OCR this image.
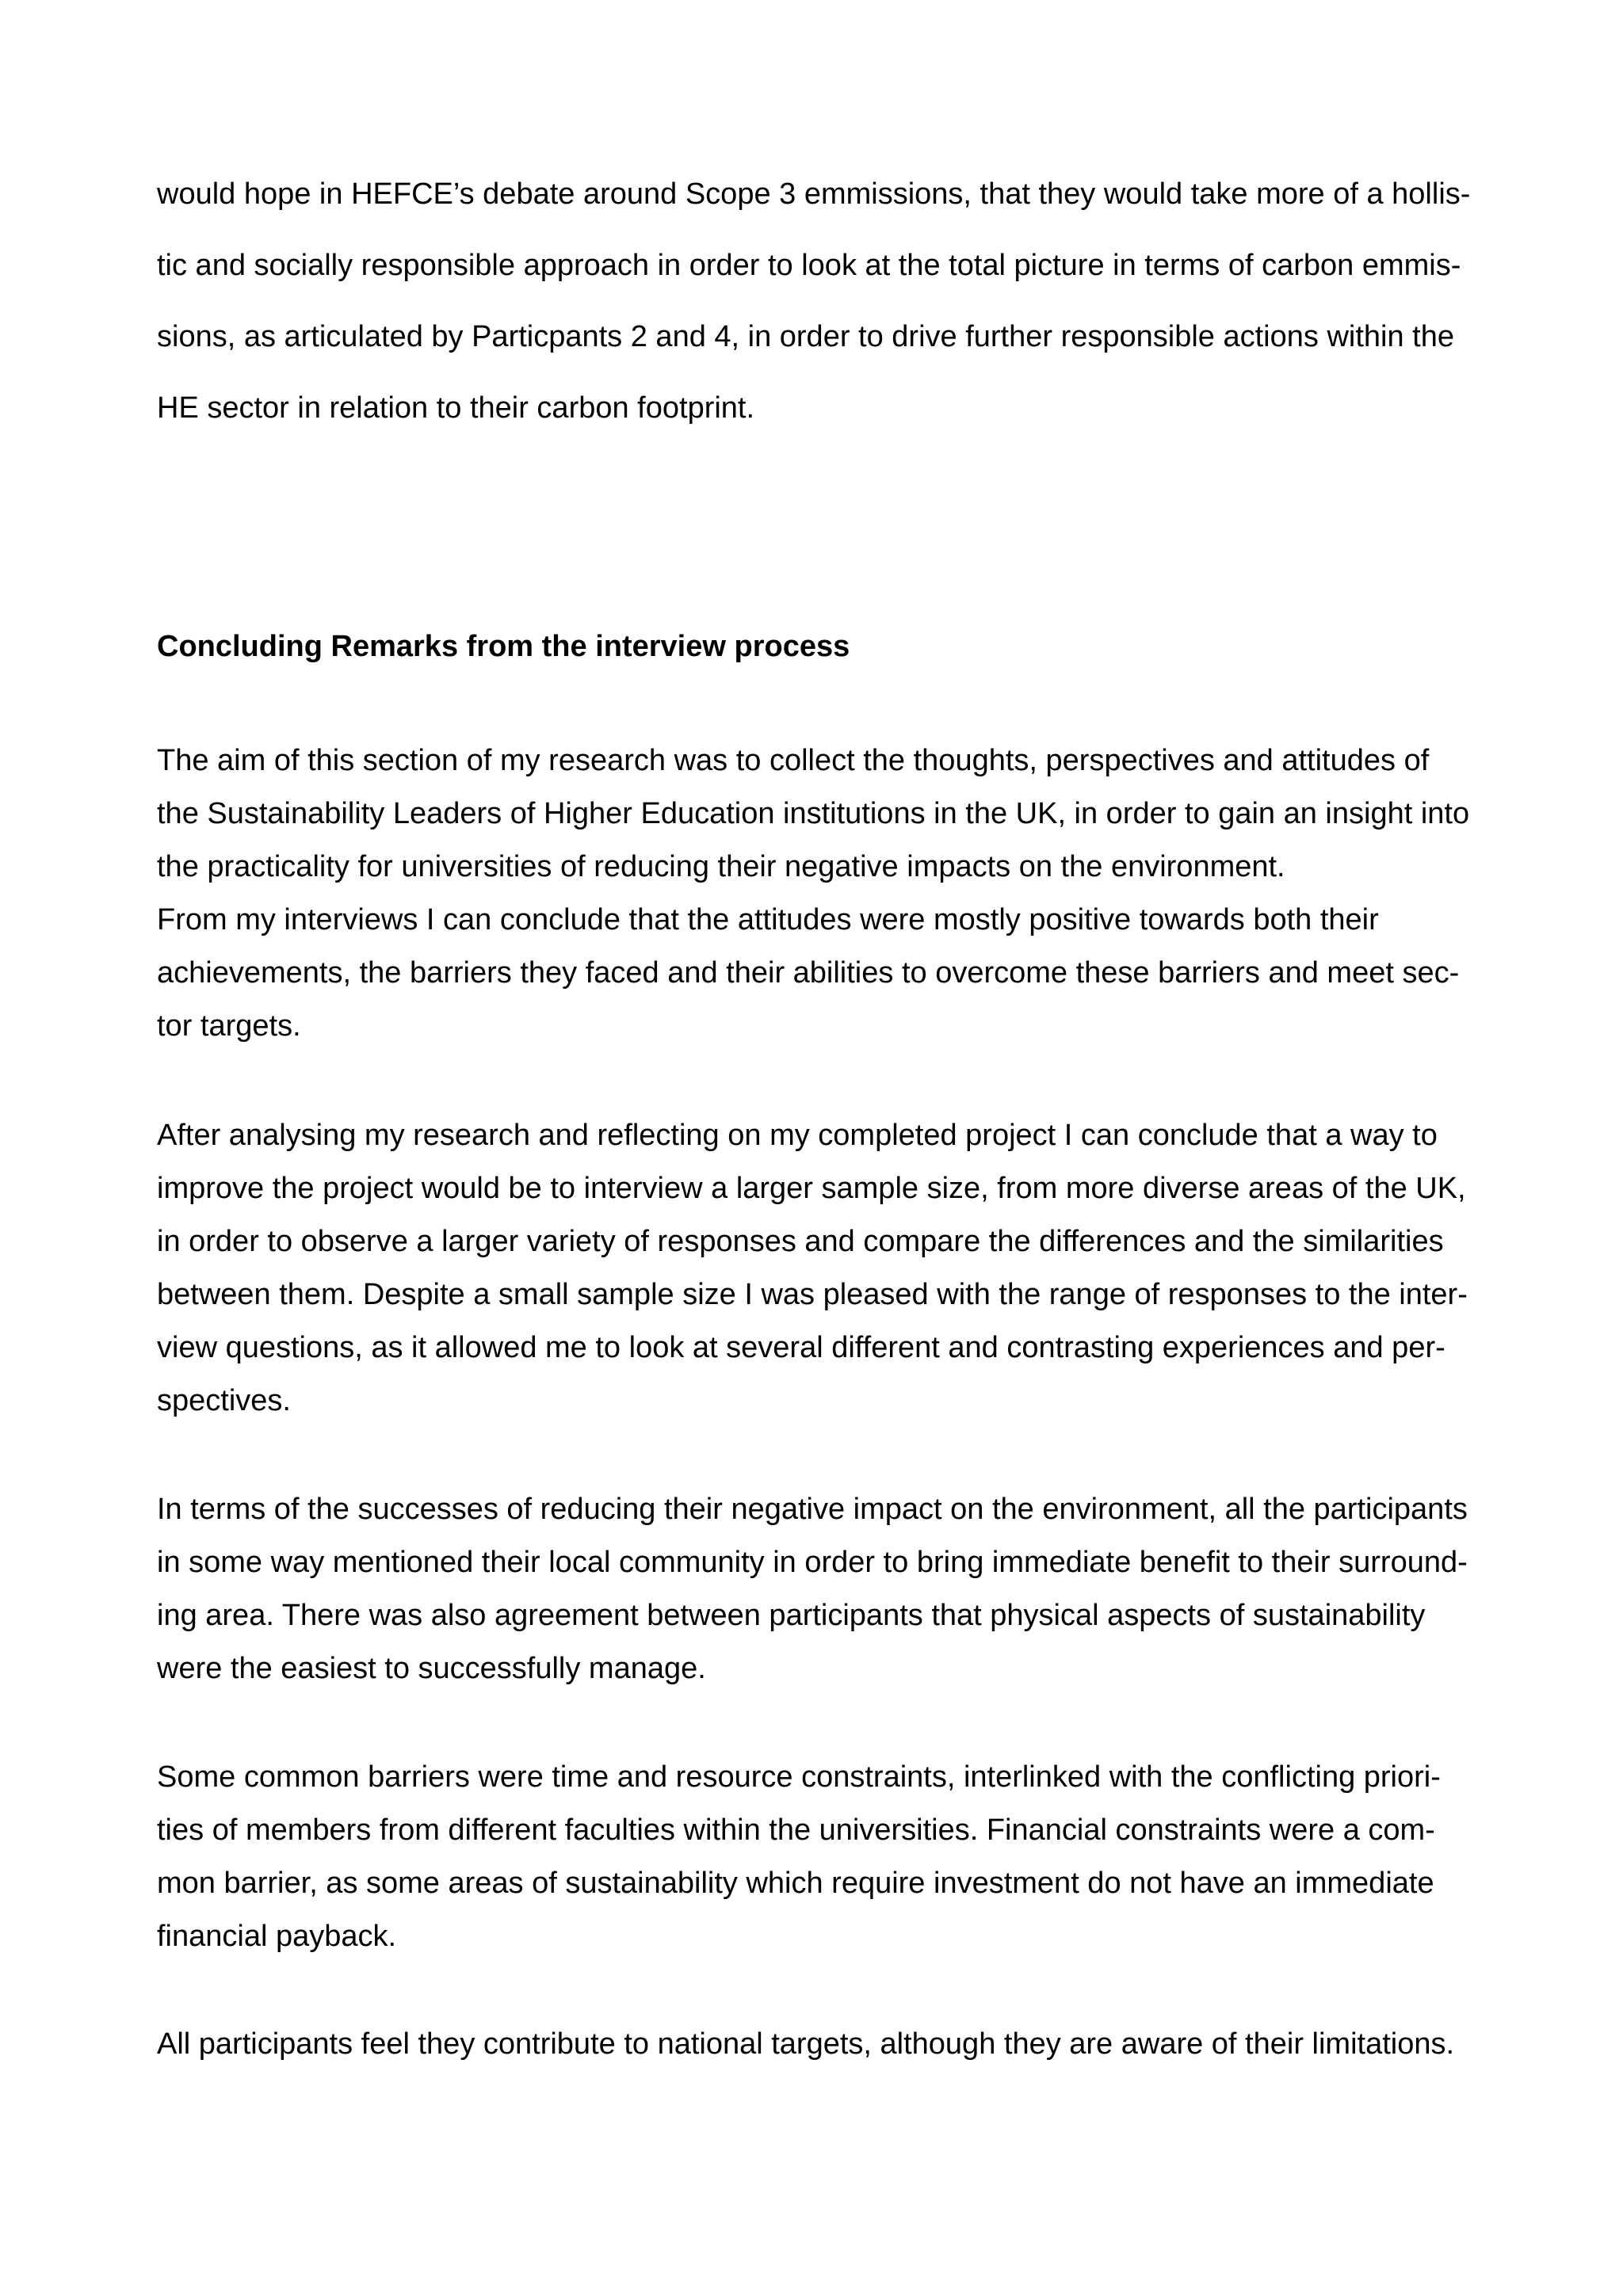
would hope in HEFCE’s debate around Scope 3 emmissions, that they would take more of a hollis-
tic and socially responsible approach in order to look at the total picture in terms of carbon emmis-
sions, as articulated by Particpants 2 and 4, in order to drive further responsible actions within the
HE sector in relation to their carbon footprint.

Concluding Remarks from the interview process

The aim of this section of my research was to collect the thoughts, perspectives and attitudes of
the Sustainability Leaders of Higher Education institutions in the UK, in order to gain an insight into
the practicality for universities of reducing their negative impacts on the environment.
From my interviews I can conclude that the attitudes were mostly positive towards both their
achievements, the barriers they faced and their abilities to overcome these barriers and meet sec-
tor targets.

After analysing my research and reflecting on my completed project I can conclude that a way to
improve the project would be to interview a larger sample size, from more diverse areas of the UK,
in order to observe a larger variety of responses and compare the differences and the similarities
between them. Despite a small sample size I was pleased with the range of responses to the inter-
view questions, as it allowed me to look at several different and contrasting experiences and per-
spectives.

In terms of the successes of reducing their negative impact on the environment, all the participants
in some way mentioned their local community in order to bring immediate benefit to their surround-
ing area. There was also agreement between participants that physical aspects of sustainability
were the easiest to successfully manage.

Some common barriers were time and resource constraints, interlinked with the conflicting priori-
ties of members from different faculties within the universities. Financial constraints were a com-
mon barrier, as some areas of sustainability which require investment do not have an immediate
financial payback.

All participants feel they contribute to national targets, although they are aware of their limitations.
